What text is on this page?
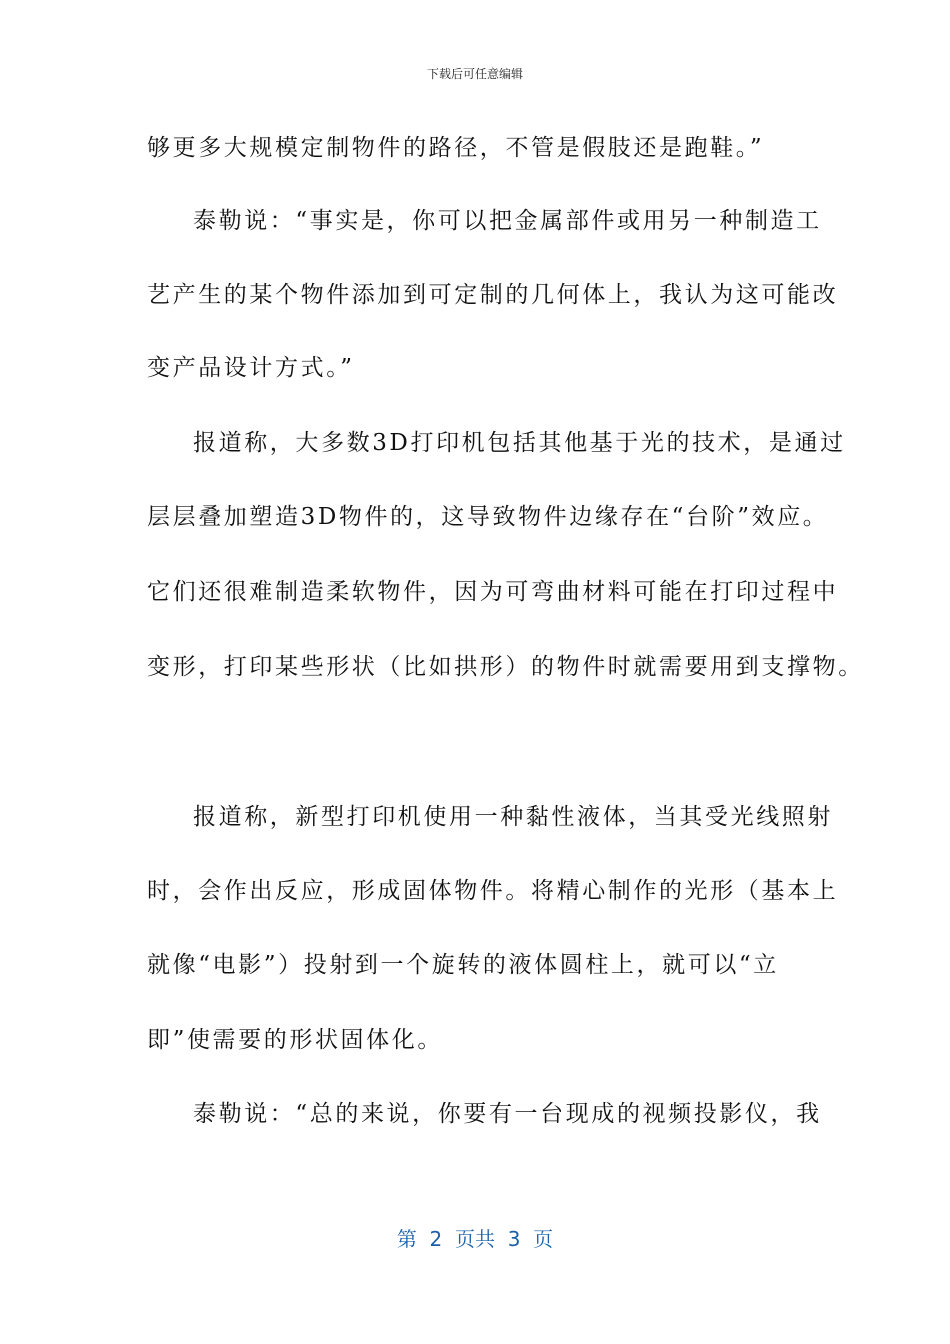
下载后可任意编辑
够更多大规模定制物件的路径，不管是假肢还是跑鞋。”
泰勒说：“事实是，你可以把金属部件或用另一种制造工
艺产生的某个物件添加到可定制的几何体上，我认为这可能改
变产品设计方式。”
报道称，大多数3D打印机包括其他基于光的技术，是通过
层层叠加塑造3D物件的，这导致物件边缘存在“台阶”效应。
它们还很难制造柔软物件，因为可弯曲材料可能在打印过程中
变形，打印某些形状（比如拱形）的物件时就需要用到支撑物。
报道称，新型打印机使用一种黏性液体，当其受光线照射
时，会作出反应，形成固体物件。将精心制作的光形（基本上
就像“电影”）投射到一个旋转的液体圆柱上，就可以“立
即”使需要的形状固体化。
泰勒说：“总的来说，你要有一台现成的视频投影仪，我
第  2  页共  3  页
